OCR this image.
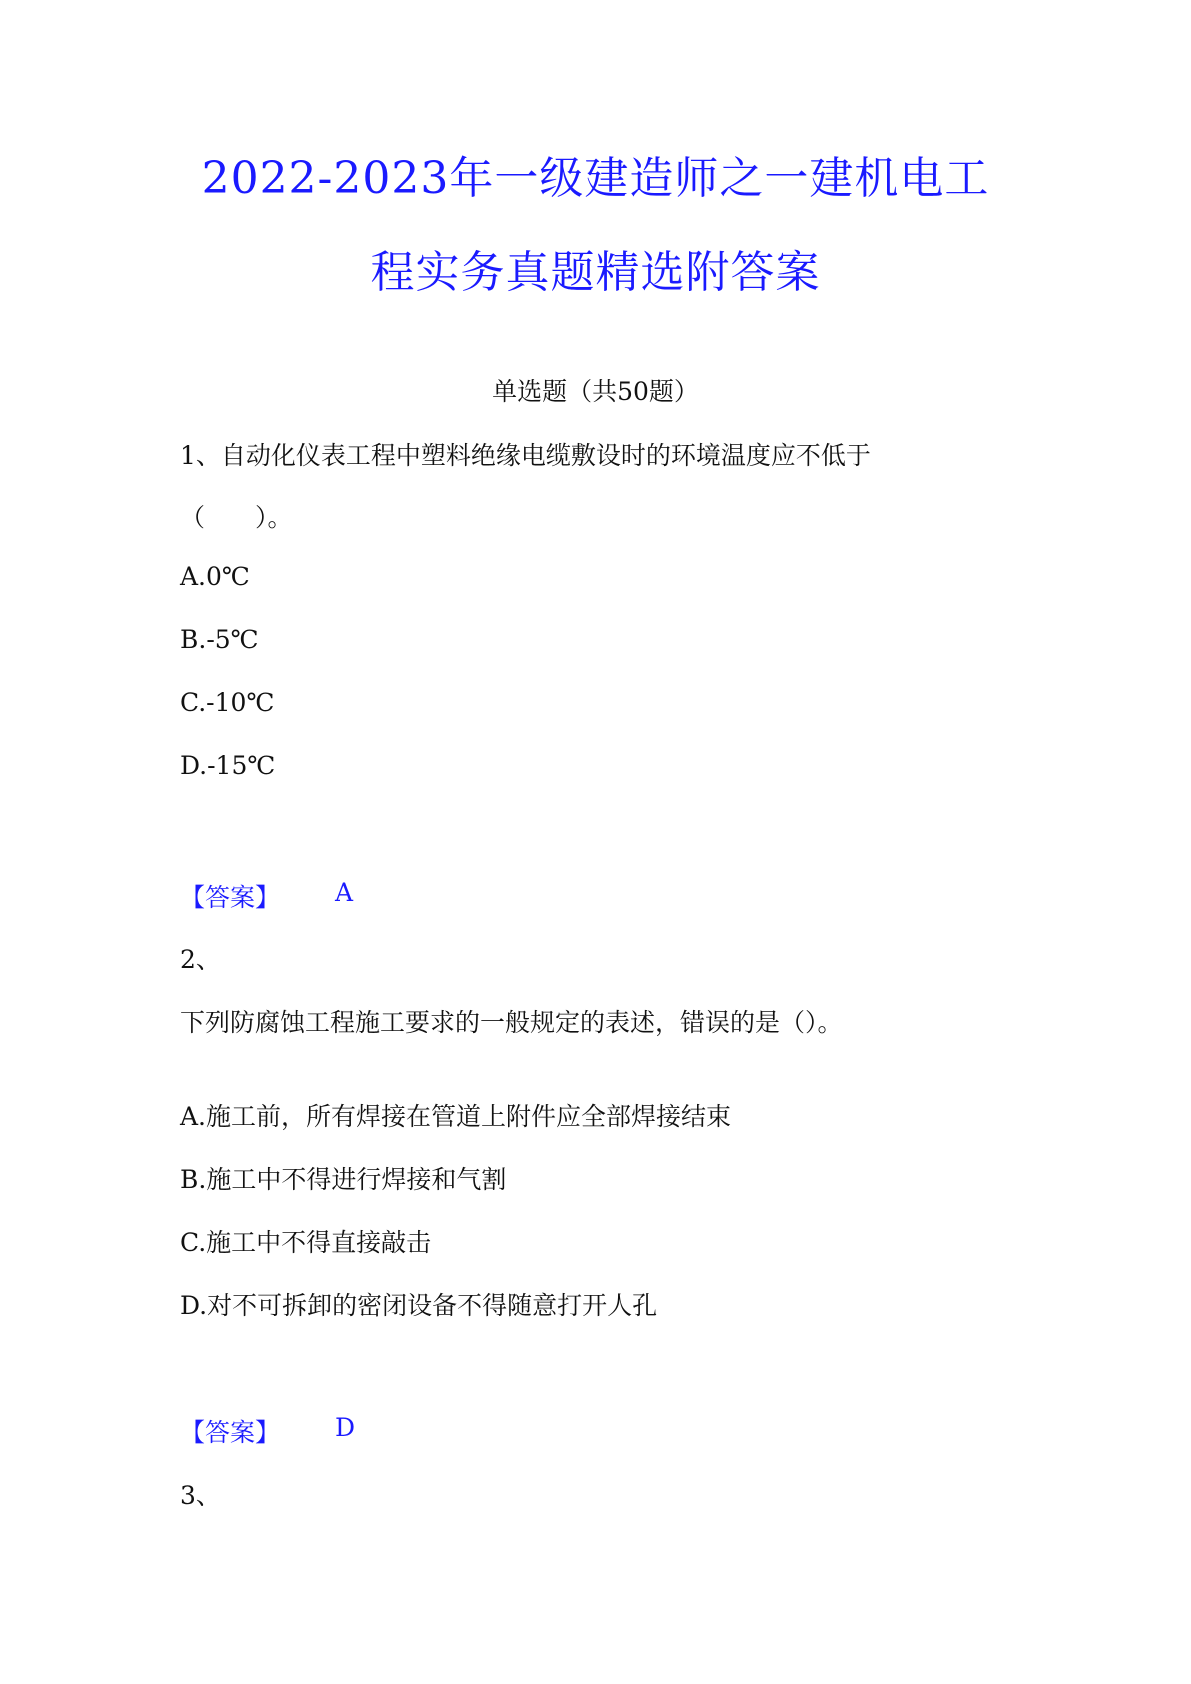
2022-2023年一级建造师之一建机电工
程实务真题精选附答案
单选题（共50题）
1、自动化仪表工程中塑料绝缘电缆敷设时的环境温度应不低于
（　　）。
A.0℃
B.-5℃
C.-10℃
D.-15℃
【答案】 A
2、
下列防腐蚀工程施工要求的一般规定的表述，错误的是（）。
A.施工前，所有焊接在管道上附件应全部焊接结束
B.施工中不得进行焊接和气割
C.施工中不得直接敲击
D.对不可拆卸的密闭设备不得随意打开人孔
【答案】 D
3、
